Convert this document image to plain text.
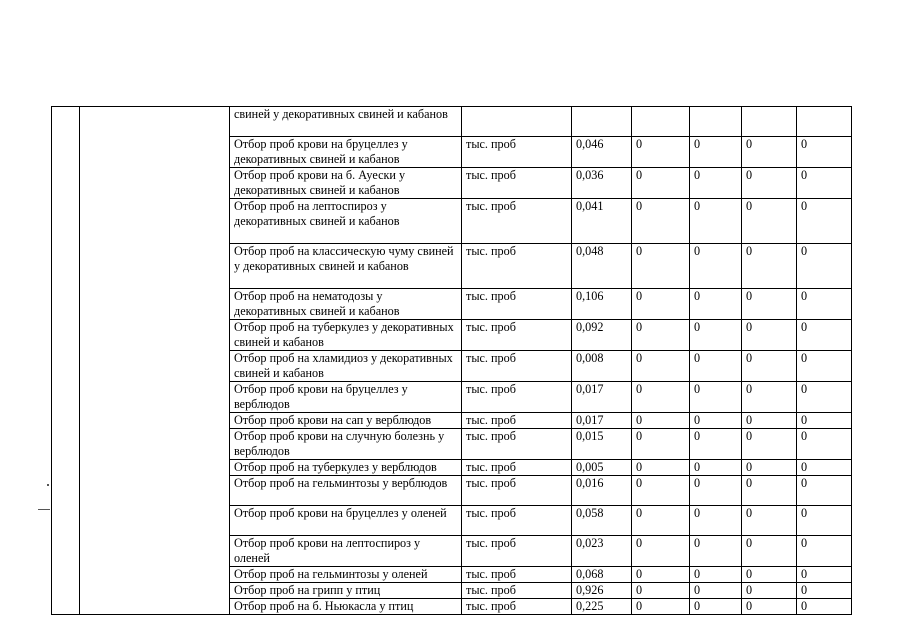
		свиней у декоративных свиней и кабанов						
		Отбор проб крови на бруцеллез у декоративных свиней и кабанов	тыс. проб	0,046	0	0	0	0
		Отбор проб крови на б. Ауески у декоративных свиней и кабанов	тыс. проб	0,036	0	0	0	0
		Отбор проб на лептоспироз у декоративных свиней и кабанов	тыс. проб	0,041	0	0	0	0
		Отбор проб на классическую чуму свиней у декоративных свиней и кабанов	тыс. проб	0,048	0	0	0	0
		Отбор проб на нематодозы у декоративных свиней и кабанов	тыс. проб	0,106	0	0	0	0
		Отбор проб на туберкулез у декоративных свиней и кабанов	тыс. проб	0,092	0	0	0	0
		Отбор проб на хламидиоз у декоративных свиней и кабанов	тыс. проб	0,008	0	0	0	0
		Отбор проб крови на бруцеллез у верблюдов	тыс. проб	0,017	0	0	0	0
		Отбор проб крови на сап у верблюдов	тыс. проб	0,017	0	0	0	0
		Отбор проб крови на случную болезнь у верблюдов	тыс. проб	0,015	0	0	0	0
		Отбор проб на туберкулез у верблюдов	тыс. проб	0,005	0	0	0	0
		Отбор проб на гельминтозы у верблюдов	тыс. проб	0,016	0	0	0	0
		Отбор проб крови на бруцеллез у оленей	тыс. проб	0,058	0	0	0	0
		Отбор проб крови на лептоспироз у оленей	тыс. проб	0,023	0	0	0	0
		Отбор проб на гельминтозы у оленей	тыс. проб	0,068	0	0	0	0
		Отбор проб на грипп у птиц	тыс. проб	0,926	0	0	0	0
		Отбор проб на б. Ньюкасла у птиц	тыс. проб	0,225	0	0	0	0
